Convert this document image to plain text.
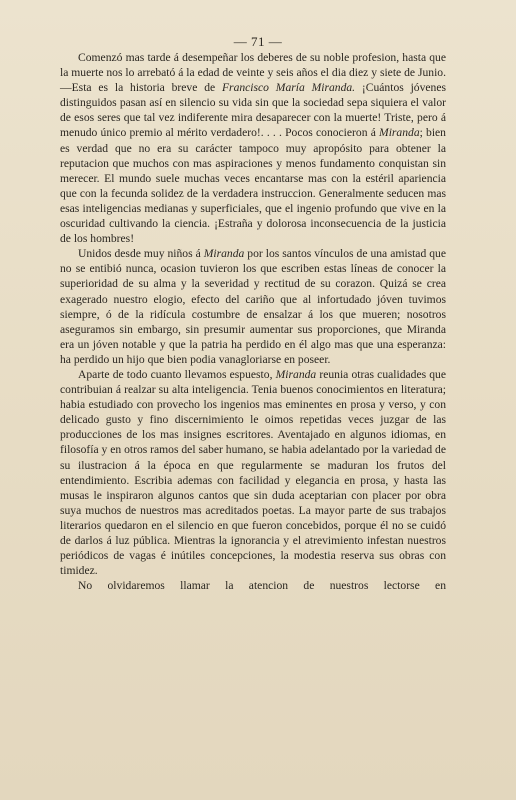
— 71 —

Comenzó mas tarde á desempeñar los deberes de su noble profesion, hasta que la muerte nos lo arrebató á la edad de veinte y seis años el dia diez y siete de Junio.—Esta es la historia breve de Francisco María Miranda. ¡Cuántos jóvenes distinguidos pasan así en silencio su vida sin que la sociedad sepa siquiera el valor de esos seres que tal vez indiferente mira desaparecer con la muerte! Triste, pero á menudo único premio al mérito verdadero!. . . . Pocos conocieron á Miranda; bien es verdad que no era su carácter tampoco muy apropósito para obtener la reputacion que muchos con mas aspiraciones y menos fundamento conquistan sin merecer. El mundo suele muchas veces encantarse mas con la estéril apariencia que con la fecunda solidez de la verdadera instruccion. Generalmente seducen mas esas inteligencias medianas y superficiales, que el ingenio profundo que vive en la oscuridad cultivando la ciencia. ¡Estraña y dolorosa inconsecuencia de la justicia de los hombres!

Unidos desde muy niños á Miranda por los santos vínculos de una amistad que no se entibió nunca, ocasion tuvieron los que escriben estas líneas de conocer la superioridad de su alma y la severidad y rectitud de su corazon. Quizá se crea exagerado nuestro elogio, efecto del cariño que al infortudado jóven tuvimos siempre, ó de la ridícula costumbre de ensalzar á los que mueren; nosotros aseguramos sin embargo, sin presumir aumentar sus proporciones, que Miranda era un jóven notable y que la patria ha perdido en él algo mas que una esperanza: ha perdido un hijo que bien podia vanagloriarse en poseer.

Aparte de todo cuanto llevamos espuesto, Miranda reunia otras cualidades que contribuian á realzar su alta inteligencia. Tenia buenos conocimientos en literatura; habia estudiado con provecho los ingenios mas eminentes en prosa y verso, y con delicado gusto y fino discernimiento le oimos repetidas veces juzgar de las producciones de los mas insignes escritores. Aventajado en algunos idiomas, en filosofía y en otros ramos del saber humano, se habia adelantado por la variedad de su ilustracion á la época en que regularmente se maduran los frutos del entendimiento. Escribia ademas con facilidad y elegancia en prosa, y hasta las musas le inspiraron algunos cantos que sin duda aceptarian con placer por obra suya muchos de nuestros mas acreditados poetas. La mayor parte de sus trabajos literarios quedaron en el silencio en que fueron concebidos, porque él no se cuidó de darlos á luz pública. Mientras la ignorancia y el atrevimiento infestan nuestros periódicos de vagas é inútiles concepciones, la modestia reserva sus obras con timidez.

No olvidaremos llamar la atencion de nuestros lectorse en
